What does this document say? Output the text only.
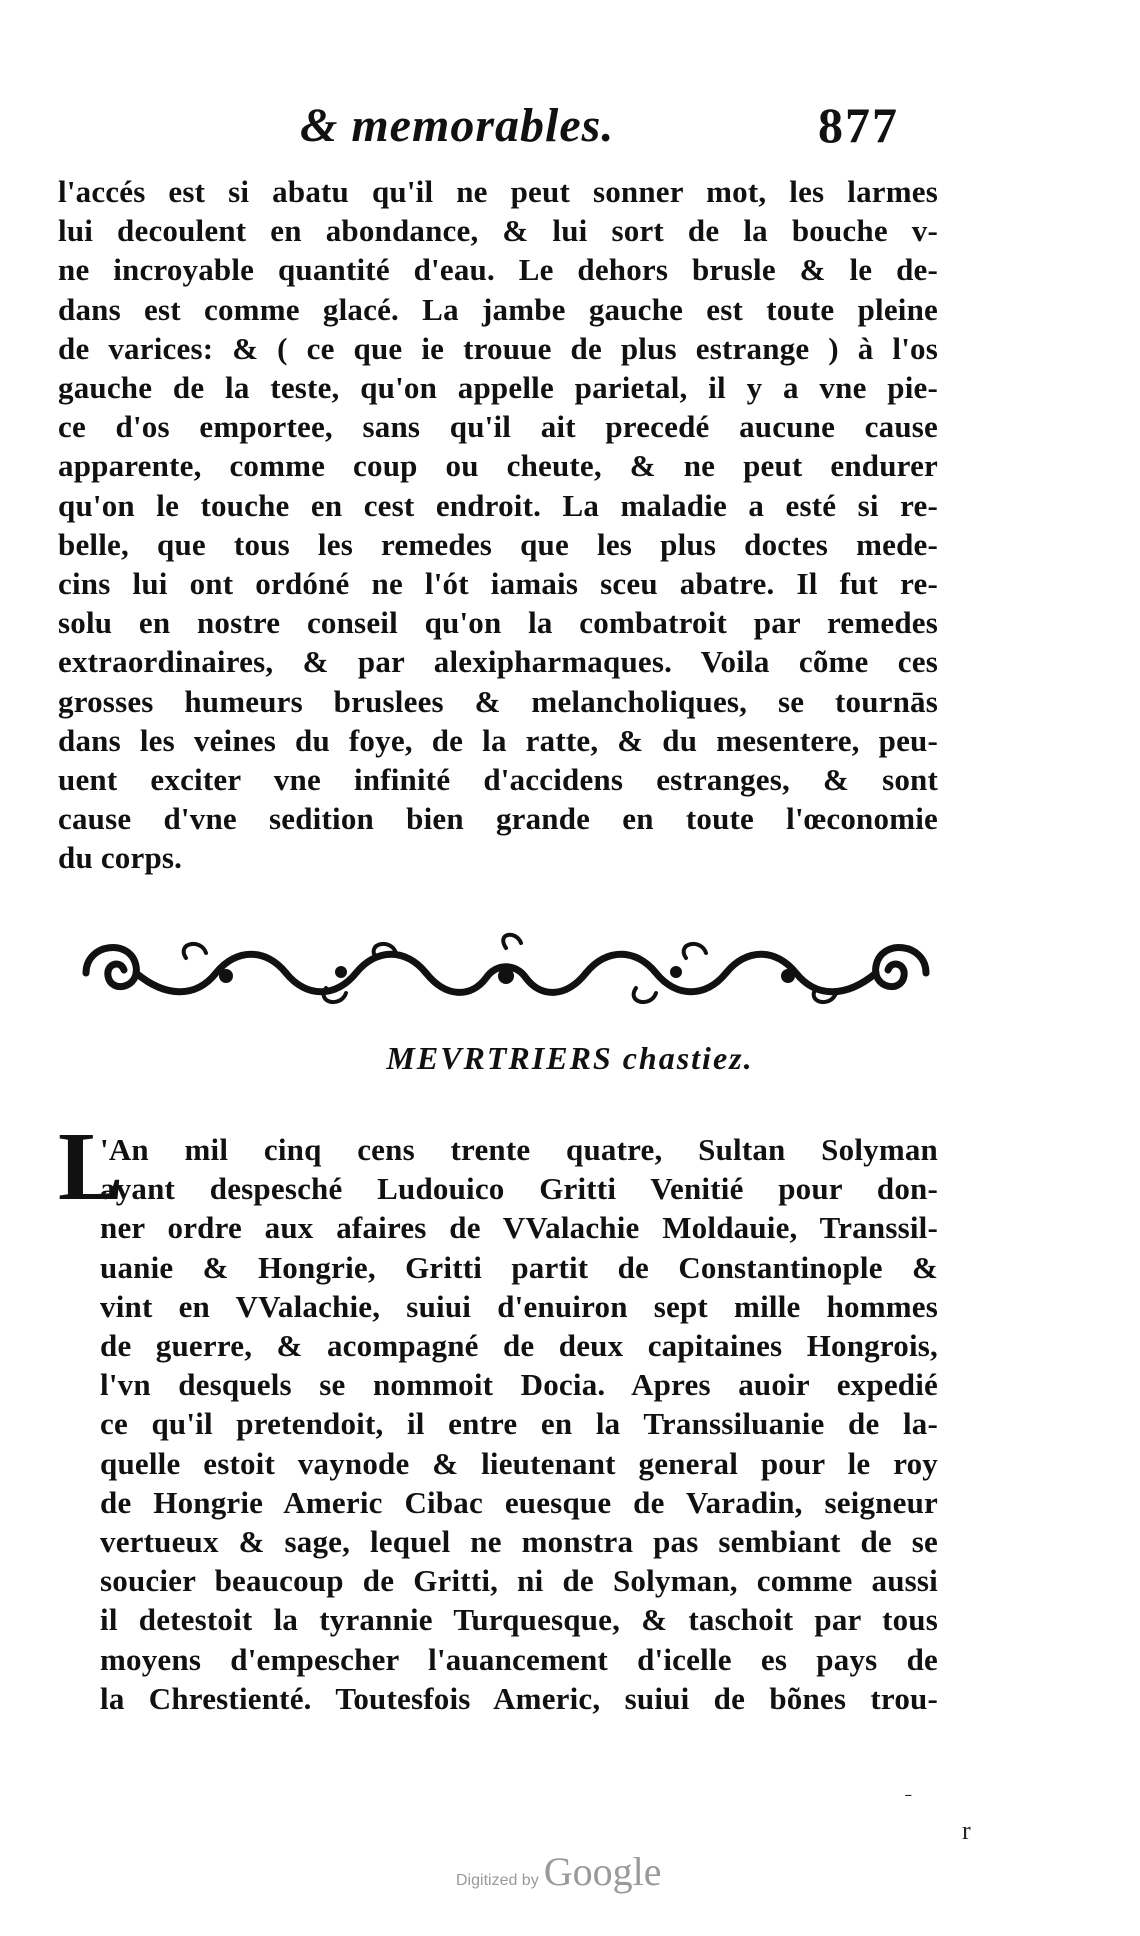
& memorables.	877
l'accés est si abatu qu'il ne peut sonner mot, les larmes
lui decoulent en abondance, & lui sort de la bouche v-
ne incroyable quantité d'eau. Le dehors brusle & le de-
dans est comme glacé. La jambe gauche est toute pleine
de varices: & ( ce que ie trouue de plus estrange ) à l'os
gauche de la teste, qu'on appelle parietal, il y a vne pie-
ce d'os emportee, sans qu'il ait precedé aucune cause
apparente, comme coup ou cheute, & ne peut endurer
qu'on le touche en cest endroit. La maladie a esté si re-
belle, que tous les remedes que les plus doctes mede-
cins lui ont ordóné ne l'ót iamais sceu abatre. Il fut re-
solu en nostre conseil qu'on la combatroit par remedes
extraordinaires, & par alexipharmaques. Voila cõme ces
grosses humeurs bruslees & melancholiques, se tournās
dans les veines du foye, de la ratte, & du mesentere, peu-
uent exciter vne infinité d'accidens estranges, & sont
cause d'vne sedition bien grande en toute l'œconomie
du corps.
MEVRTRIERS chastiez.
L
'An mil cinq cens trente quatre, Sultan Solyman
ayant despesché Ludouico Gritti Venitié pour don-
ner ordre aux afaires de VValachie Moldauie, Transsil-
uanie & Hongrie, Gritti partit de Constantinople &
vint en VValachie, suiui d'enuiron sept mille hommes
de guerre, & acompagné de deux capitaines Hongrois,
l'vn desquels se nommoit Docia. Apres auoir expedié
ce qu'il pretendoit, il entre en la Transsiluanie de la-
quelle estoit vaynode & lieutenant general pour le roy
de Hongrie Americ Cibac euesque de Varadin, seigneur
vertueux & sage, lequel ne monstra pas sembiant de se
soucier beaucoup de Gritti, ni de Solyman, comme aussi
il detestoit la tyrannie Turquesque, & taschoit par tous
moyens d'empescher l'auancement d'icelle es pays de
la Chrestienté. Toutesfois Americ, suiui de bõnes trou-
ˉ
r
Digitized by Google
